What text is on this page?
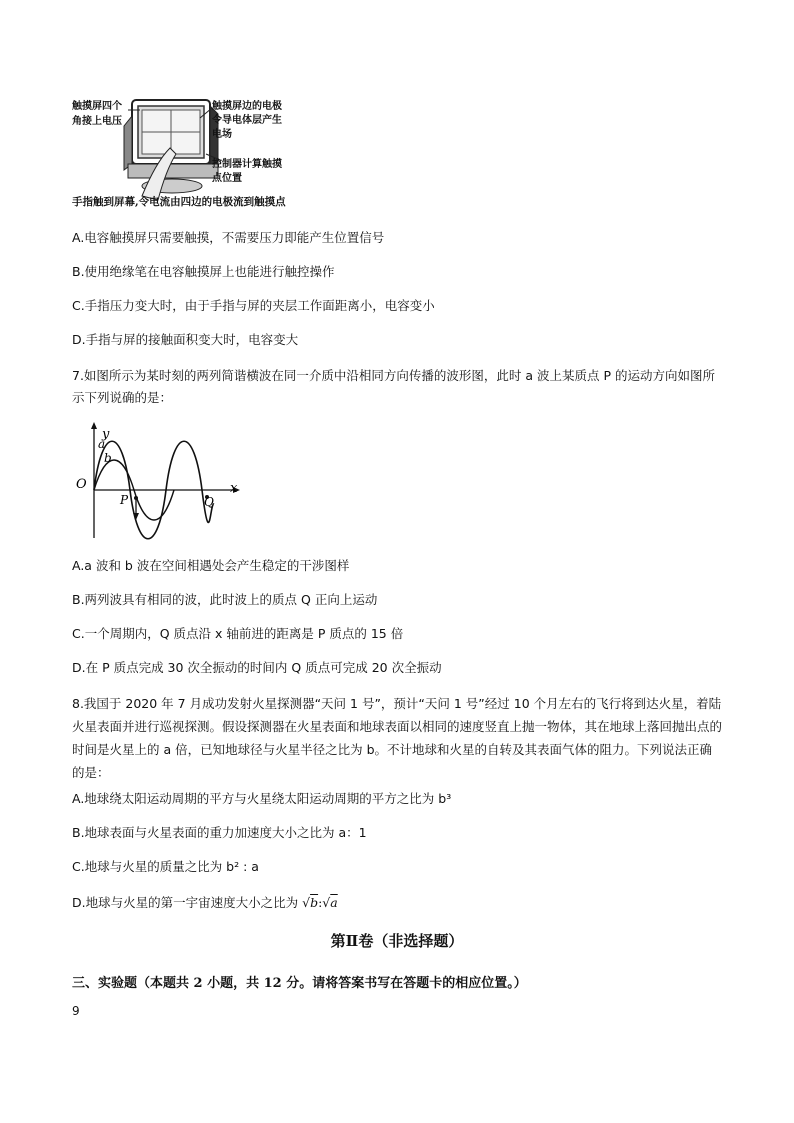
触摸屏四个
角接上电压
触摸屏边的电极
令导电体层产生
电场
控制器计算触摸
点位置
手指触到屏幕,令电流由四边的电极流到触摸点
A.电容触摸屏只需要触摸，不需要压力即能产生位置信号
B.使用绝缘笔在电容触摸屏上也能进行触控操作
C.手指压力变大时，由于手指与屏的夹层工作面距离小，电容变小
D.手指与屏的接触面积变大时，电容变大
7.如图所示为某时刻的两列简谐横波在同一介质中沿相同方向传播的波形图，此时 a 波上某质点 P 的运动方向如图所示下列说确的是：
y
x
O
a
b
P	Q
A.a 波和 b 波在空间相遇处会产生稳定的干涉图样
B.两列波具有相同的波，此时波上的质点 Q 正向上运动
C.一个周期内，Q 质点沿 x 轴前进的距离是 P 质点的 15 倍
D.在 P 质点完成 30 次全振动的时间内 Q 质点可完成 20 次全振动
8.我国于 2020 年 7 月成功发射火星探测器“天问 1 号”，预计“天问 1 号”经过 10 个月左右的飞行将到达火星，着陆火星表面并进行巡视探测。假设探测器在火星表面和地球表面以相同的速度竖直上抛一物体，其在地球上落回抛出点的时间是火星上的 a 倍，已知地球径与火星半径之比为 b。不计地球和火星的自转及其表面气体的阻力。下列说法正确的是：
A.地球绕太阳运动周期的平方与火星绕太阳运动周期的平方之比为 b³
B.地球表面与火星表面的重力加速度大小之比为 a：1
C.地球与火星的质量之比为 b² : a
D.地球与火星的第一宇宙速度大小之比为 √b:√a
第Ⅱ卷（非选择题）
三、实验题（本题共 2 小题，共 12 分。请将答案书写在答题卡的相应位置。）
9
